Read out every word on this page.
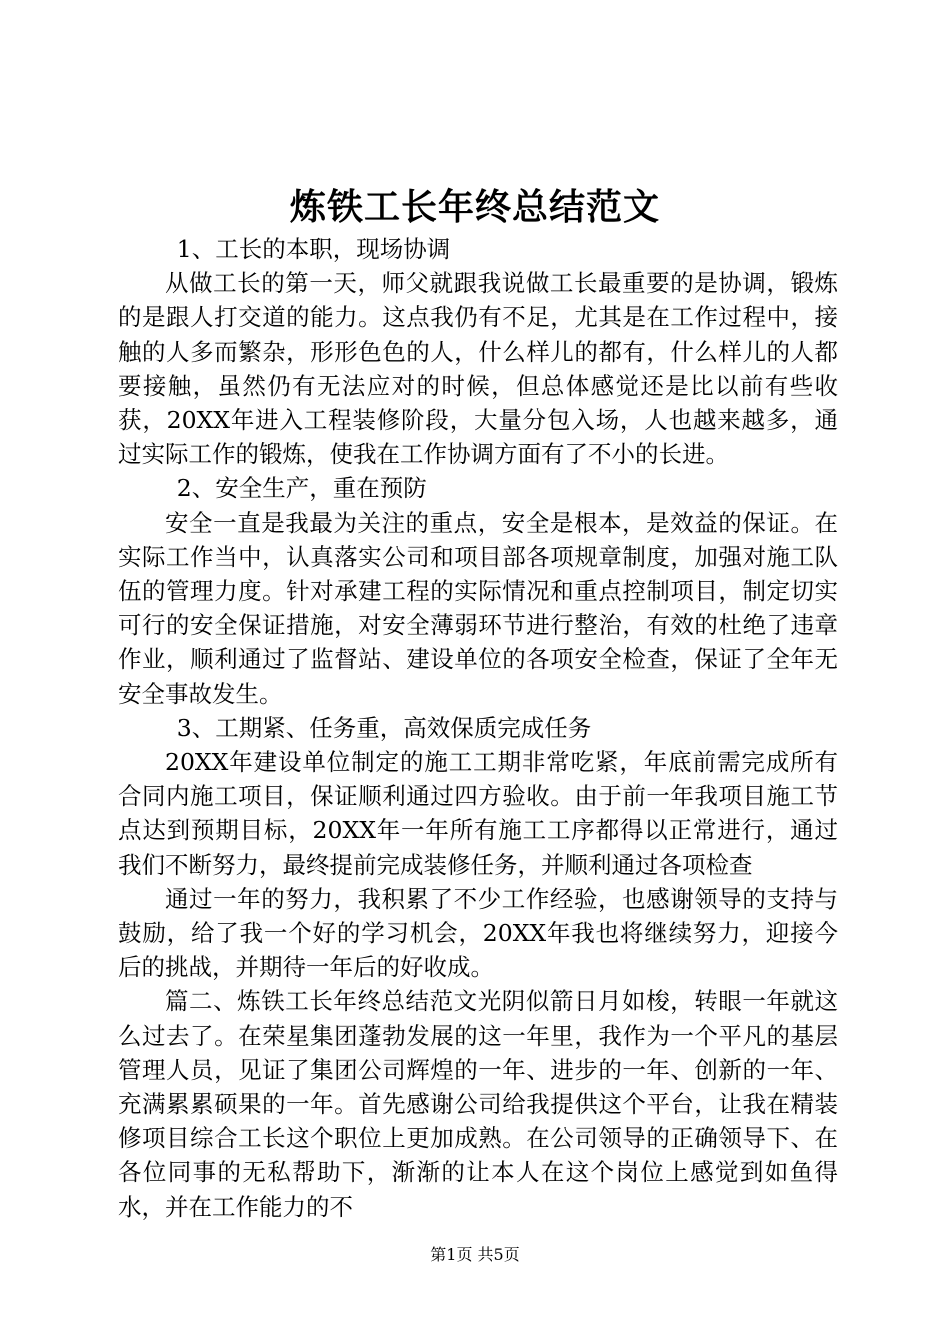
炼铁工长年终总结范文

1、工长的本职，现场协调

从做工长的第一天，师父就跟我说做工长最重要的是协调，锻炼的是跟人打交道的能力。这点我仍有不足，尤其是在工作过程中，接触的人多而繁杂，形形色色的人，什么样儿的都有，什么样儿的人都要接触，虽然仍有无法应对的时候，但总体感觉还是比以前有些收获，20XX年进入工程装修阶段，大量分包入场，人也越来越多，通过实际工作的锻炼，使我在工作协调方面有了不小的长进。

2、安全生产，重在预防

安全一直是我最为关注的重点，安全是根本，是效益的保证。在实际工作当中，认真落实公司和项目部各项规章制度，加强对施工队伍的管理力度。针对承建工程的实际情况和重点控制项目，制定切实可行的安全保证措施，对安全薄弱环节进行整治，有效的杜绝了违章作业，顺利通过了监督站、建设单位的各项安全检查，保证了全年无安全事故发生。

3、工期紧、任务重，高效保质完成任务

20XX年建设单位制定的施工工期非常吃紧，年底前需完成所有合同内施工项目，保证顺利通过四方验收。由于前一年我项目施工节点达到预期目标，20XX年一年所有施工工序都得以正常进行，通过我们不断努力，最终提前完成装修任务，并顺利通过各项检查

通过一年的努力，我积累了不少工作经验，也感谢领导的支持与鼓励，给了我一个好的学习机会，20XX年我也将继续努力，迎接今后的挑战，并期待一年后的好收成。

篇二、炼铁工长年终总结范文光阴似箭日月如梭，转眼一年就这么过去了。在荣星集团蓬勃发展的这一年里，我作为一个平凡的基层管理人员，见证了集团公司辉煌的一年、进步的一年、创新的一年、充满累累硕果的一年。首先感谢公司给我提供这个平台，让我在精装修项目综合工长这个职位上更加成熟。在公司领导的正确领导下、在各位同事的无私帮助下，渐渐的让本人在这个岗位上感觉到如鱼得水，并在工作能力的不

第1页 共5页
